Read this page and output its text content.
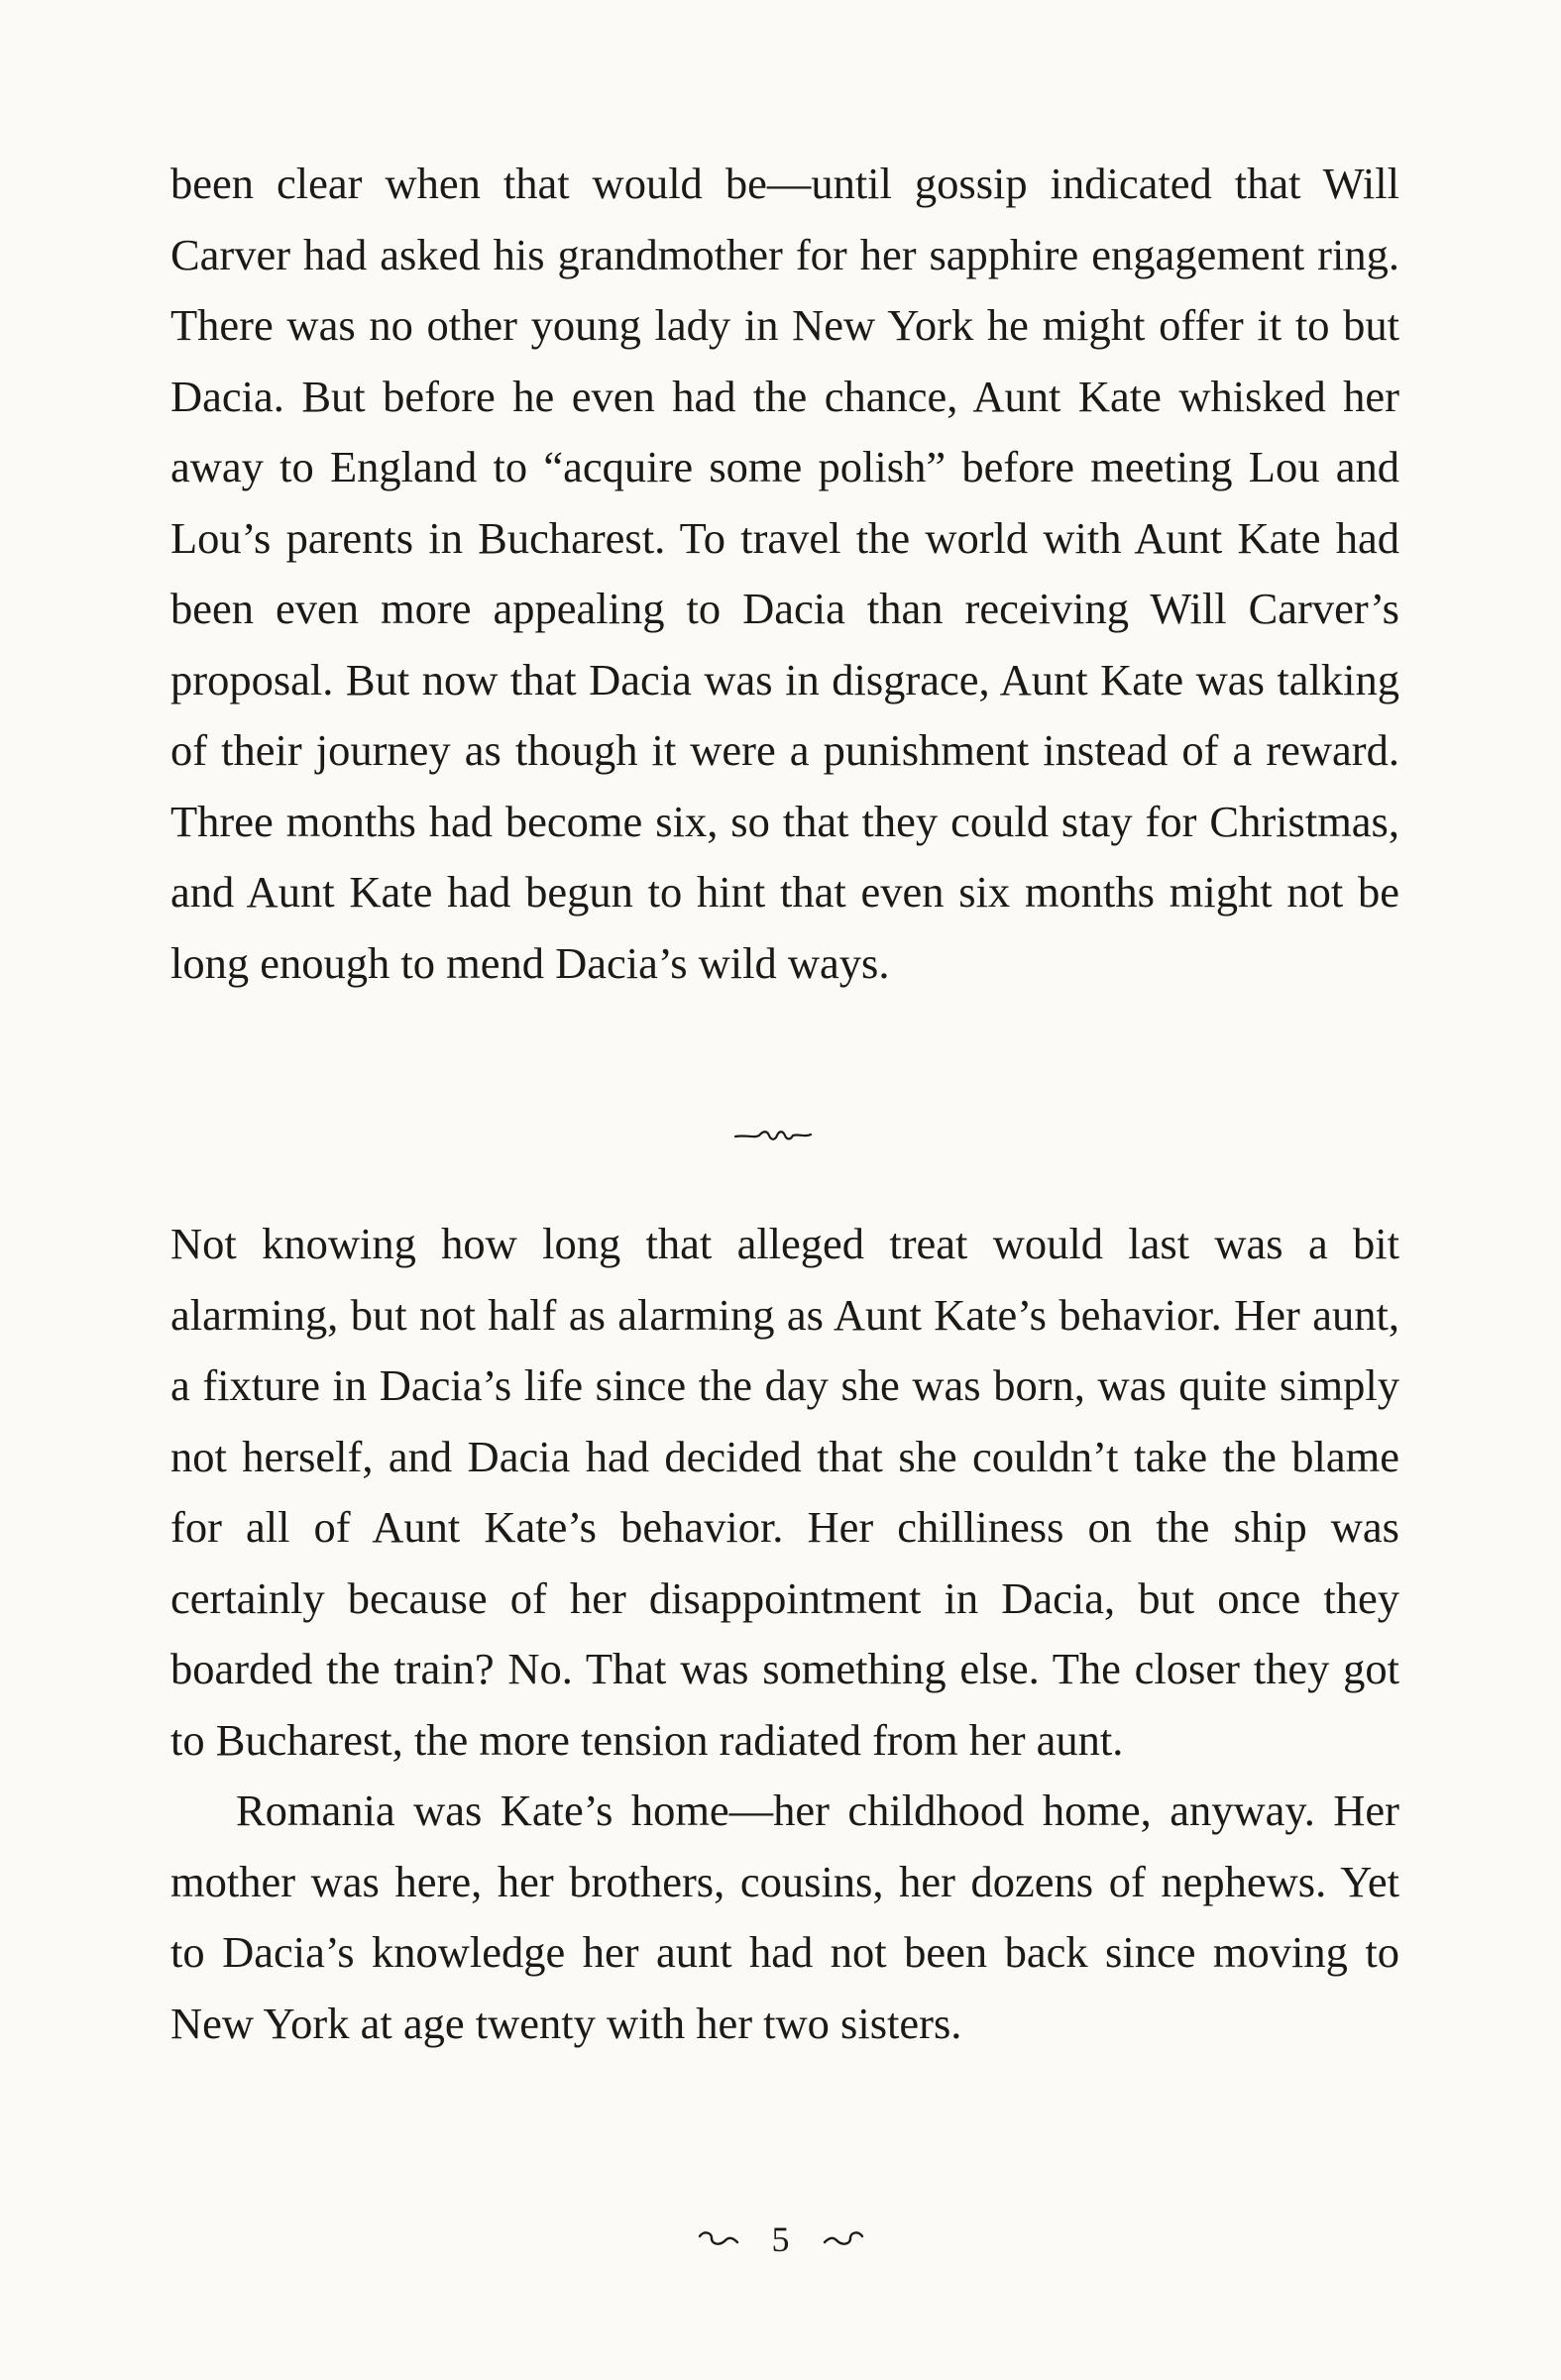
been clear when that would be—until gossip indicated that Will Carver had asked his grandmother for her sapphire engagement ring. There was no other young lady in New York he might offer it to but Dacia. But before he even had the chance, Aunt Kate whisked her away to England to “acquire some polish” before meeting Lou and Lou’s parents in Bucharest. To travel the world with Aunt Kate had been even more appealing to Dacia than receiving Will Carver’s proposal. But now that Dacia was in disgrace, Aunt Kate was talking of their journey as though it were a punishment instead of a reward. Three months had become six, so that they could stay for Christmas, and Aunt Kate had begun to hint that even six months might not be long enough to mend Dacia’s wild ways.

Not knowing how long that alleged treat would last was a bit alarming, but not half as alarming as Aunt Kate’s behavior. Her aunt, a fixture in Dacia’s life since the day she was born, was quite simply not herself, and Dacia had decided that she couldn’t take the blame for all of Aunt Kate’s behavior. Her chilliness on the ship was certainly because of her disappointment in Dacia, but once they boarded the train? No. That was something else. The closer they got to Bucharest, the more tension radiated from her aunt.

Romania was Kate’s home—her childhood home, anyway. Her mother was here, her brothers, cousins, her dozens of nephews. Yet to Dacia’s knowledge her aunt had not been back since moving to New York at age twenty with her two sisters.

5
